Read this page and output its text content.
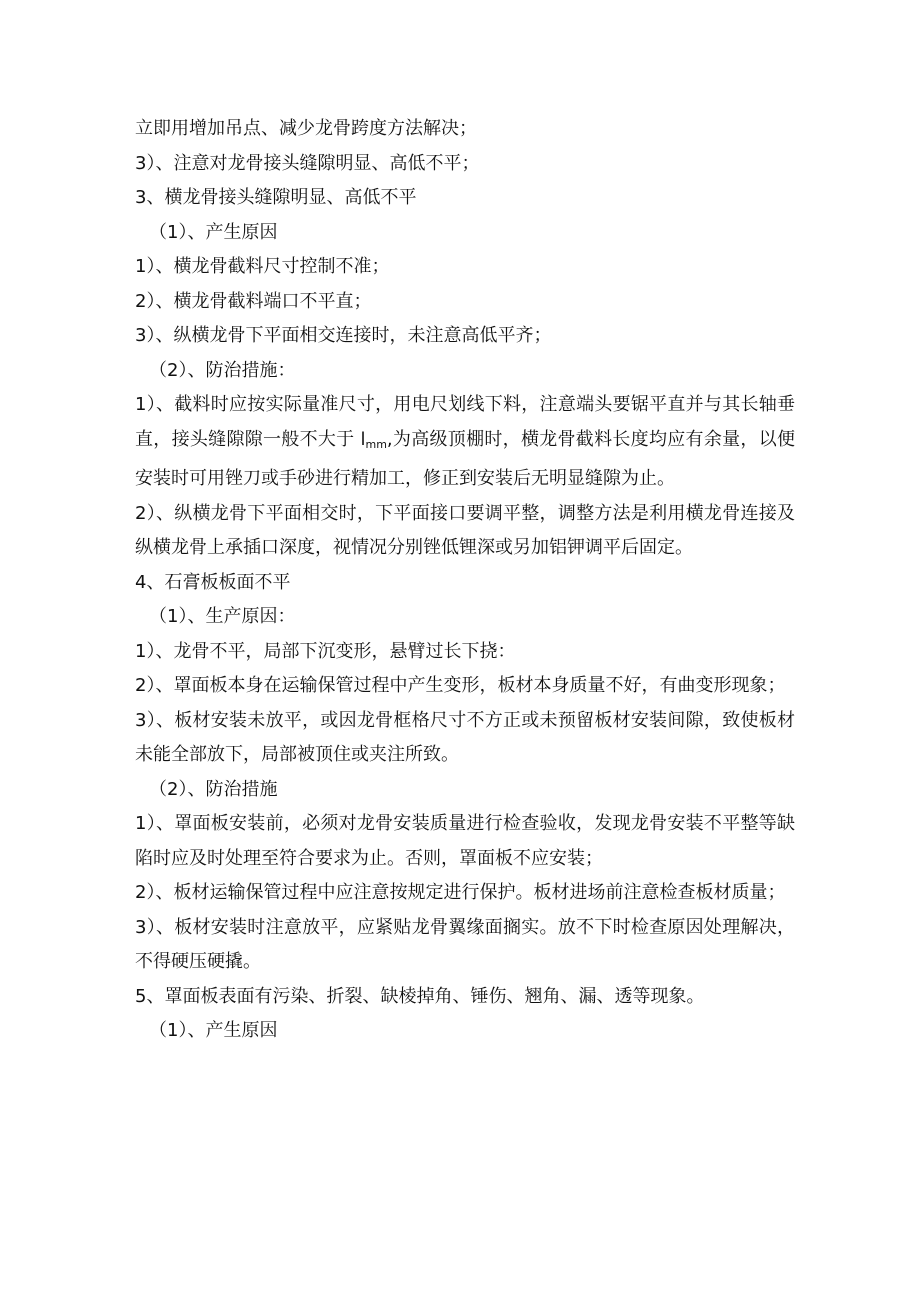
立即用增加吊点、减少龙骨跨度方法解决；
3）、注意对龙骨接头缝隙明显、高低不平；
3、横龙骨接头缝隙明显、高低不平
（1）、产生原因
1）、横龙骨截料尺寸控制不准；
2）、横龙骨截料端口不平直；
3）、纵横龙骨下平面相交连接时，未注意高低平齐；
（2）、防治措施：
1）、截料时应按实际量准尺寸，用电尺划线下料，注意端头要锯平直并与其长轴垂直，接头缝隙隙一般不大于 $l_{mm}$,为高级顶棚时，横龙骨截料长度均应有余量，以便安装时可用锉刀或手砂进行精加工，修正到安装后无明显缝隙为止。
2）、纵横龙骨下平面相交时，下平面接口要调平整，调整方法是利用横龙骨连接及纵横龙骨上承插口深度，视情况分别锉低锂深或另加铝钾调平后固定。
4、石膏板板面不平
（1）、生产原因：
1）、龙骨不平，局部下沉变形，悬臂过长下挠：
2）、罩面板本身在运输保管过程中产生变形，板材本身质量不好，有曲变形现象；
3）、板材安装未放平，或因龙骨框格尺寸不方正或未预留板材安装间隙，致使板材未能全部放下，局部被顶住或夹注所致。
（2）、防治措施
1）、罩面板安装前，必须对龙骨安装质量进行检查验收，发现龙骨安装不平整等缺陷时应及时处理至符合要求为止。否则，罩面板不应安装；
2）、板材运输保管过程中应注意按规定进行保护。板材进场前注意检查板材质量；
3）、板材安装时注意放平，应紧贴龙骨翼缘面搁实。放不下时检查原因处理解决，不得硬压硬撬。
5、罩面板表面有污染、折裂、缺棱掉角、锤伤、翘角、漏、透等现象。
（1）、产生原因
